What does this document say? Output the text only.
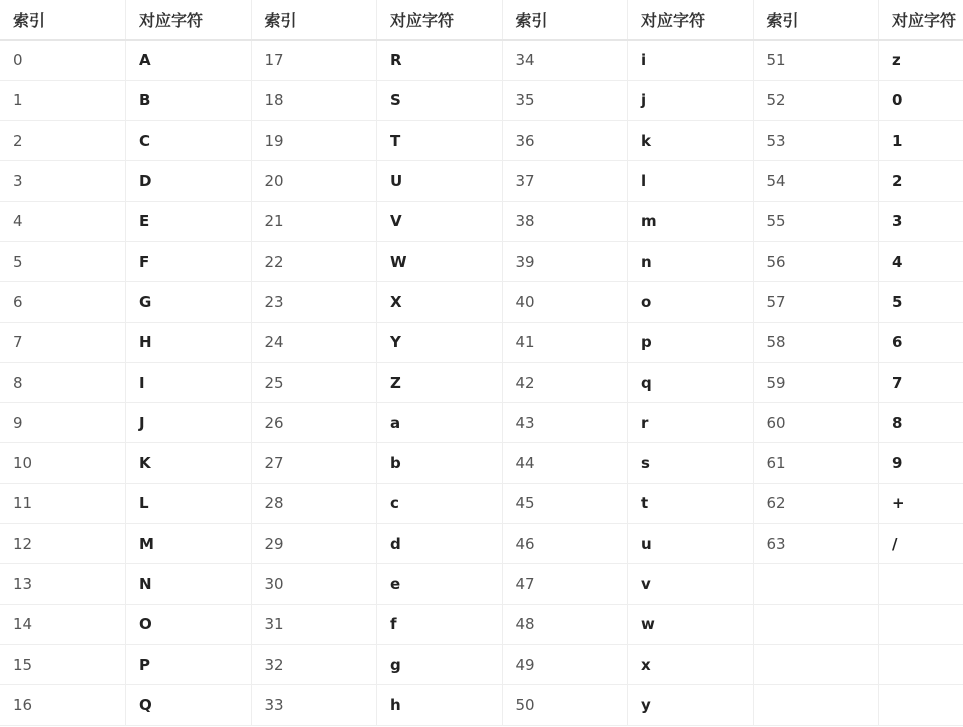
索引	对应字符	索引	对应字符	索引	对应字符	索引	对应字符
0	A	17	R	34	i	51	z
1	B	18	S	35	j	52	0
2	C	19	T	36	k	53	1
3	D	20	U	37	l	54	2
4	E	21	V	38	m	55	3
5	F	22	W	39	n	56	4
6	G	23	X	40	o	57	5
7	H	24	Y	41	p	58	6
8	I	25	Z	42	q	59	7
9	J	26	a	43	r	60	8
10	K	27	b	44	s	61	9
11	L	28	c	45	t	62	+
12	M	29	d	46	u	63	/
13	N	30	e	47	v		
14	O	31	f	48	w		
15	P	32	g	49	x		
16	Q	33	h	50	y		
